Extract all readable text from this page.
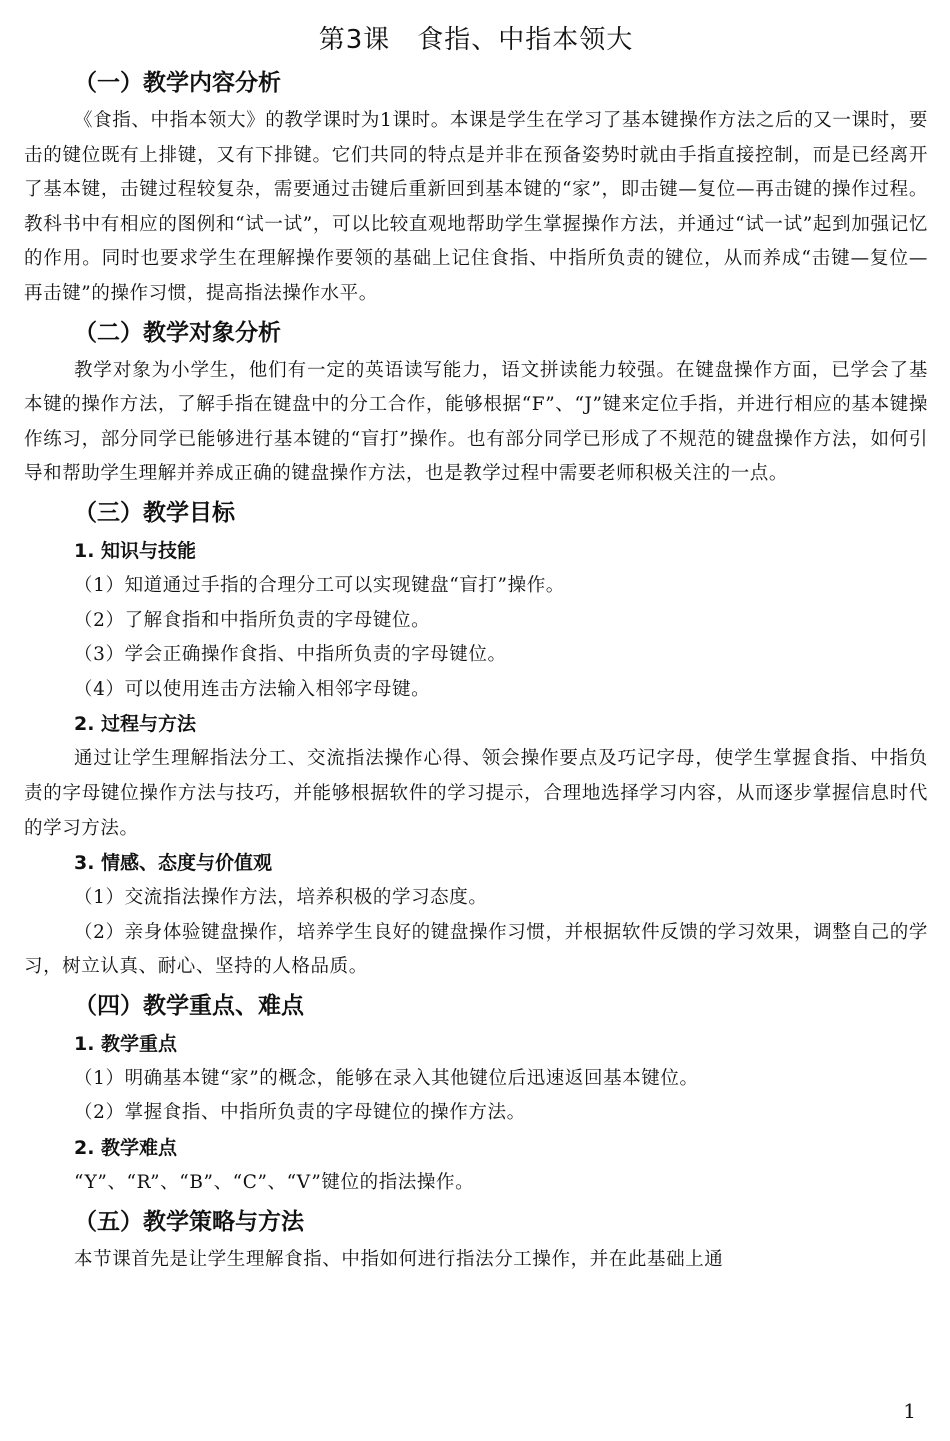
第3课　食指、中指本领大
（一）教学内容分析

《食指、中指本领大》的教学课时为1课时。本课是学生在学习了基本键操作方法之后的又一课时，要击的键位既有上排键，又有下排键。它们共同的特点是并非在预备姿势时就由手指直接控制，而是已经离开了基本键，击键过程较复杂，需要通过击键后重新回到基本键的“家”，即击键—复位—再击键的操作过程。教科书中有相应的图例和“试一试”，可以比较直观地帮助学生掌握操作方法，并通过“试一试”起到加强记忆的作用。同时也要求学生在理解操作要领的基础上记住食指、中指所负责的键位，从而养成“击键—复位—再击键”的操作习惯，提高指法操作水平。

（二）教学对象分析

教学对象为小学生，他们有一定的英语读写能力，语文拼读能力较强。在键盘操作方面，已学会了基本键的操作方法，了解手指在键盘中的分工合作，能够根据“F”、“J”键来定位手指，并进行相应的基本键操作练习，部分同学已能够进行基本键的“盲打”操作。也有部分同学已形成了不规范的键盘操作方法，如何引导和帮助学生理解并养成正确的键盘操作方法，也是教学过程中需要老师积极关注的一点。

（三）教学目标
1. 知识与技能

（1）知道通过手指的合理分工可以实现键盘“盲打”操作。

（2）了解食指和中指所负责的字母键位。

（3）学会正确操作食指、中指所负责的字母键位。

（4）可以使用连击方法输入相邻字母键。

2. 过程与方法

通过让学生理解指法分工、交流指法操作心得、领会操作要点及巧记字母，使学生掌握食指、中指负责的字母键位操作方法与技巧，并能够根据软件的学习提示，合理地选择学习内容，从而逐步掌握信息时代的学习方法。

3. 情感、态度与价值观

（1）交流指法操作方法，培养积极的学习态度。

（2）亲身体验键盘操作，培养学生良好的键盘操作习惯，并根据软件反馈的学习效果，调整自己的学习，树立认真、耐心、坚持的人格品质。

（四）教学重点、难点
1. 教学重点

（1）明确基本键“家”的概念，能够在录入其他键位后迅速返回基本键位。

（2）掌握食指、中指所负责的字母键位的操作方法。

2. 教学难点

“Y”、“R”、“B”、“C”、“V”键位的指法操作。

（五）教学策略与方法

本节课首先是让学生理解食指、中指如何进行指法分工操作，并在此基础上通

1
